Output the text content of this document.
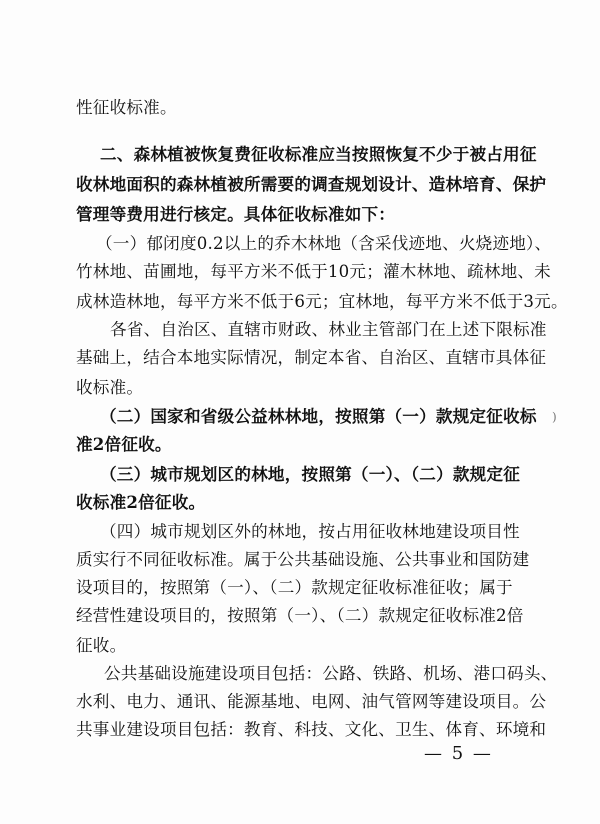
性征收标准。
二、森林植被恢复费征收标准应当按照恢复不少于被占用征
收林地面积的森林植被所需要的调查规划设计、造林培育、保护
管理等费用进行核定。具体征收标准如下：
（一）郁闭度0.2以上的乔木林地（含采伐迹地、火烧迹地）、
竹林地、苗圃地，每平方米不低于10元；灌木林地、疏林地、未
成林造林地，每平方米不低于6元；宜林地，每平方米不低于3元。
各省、自治区、直辖市财政、林业主管部门在上述下限标准
基础上，结合本地实际情况，制定本省、自治区、直辖市具体征
收标准。
（二）国家和省级公益林林地，按照第（一）款规定征收标
准2倍征收。
（三）城市规划区的林地，按照第（一）、（二）款规定征
收标准2倍征收。
（四）城市规划区外的林地，按占用征收林地建设项目性
质实行不同征收标准。属于公共基础设施、公共事业和国防建
设项目的，按照第（一）、（二）款规定征收标准征收；属于
经营性建设项目的，按照第（一）、（二）款规定征收标准2倍
征收。
公共基础设施建设项目包括：公路、铁路、机场、港口码头、
水利、电力、通讯、能源基地、电网、油气管网等建设项目。公
共事业建设项目包括：教育、科技、文化、卫生、体育、环境和
)
— 5 —
